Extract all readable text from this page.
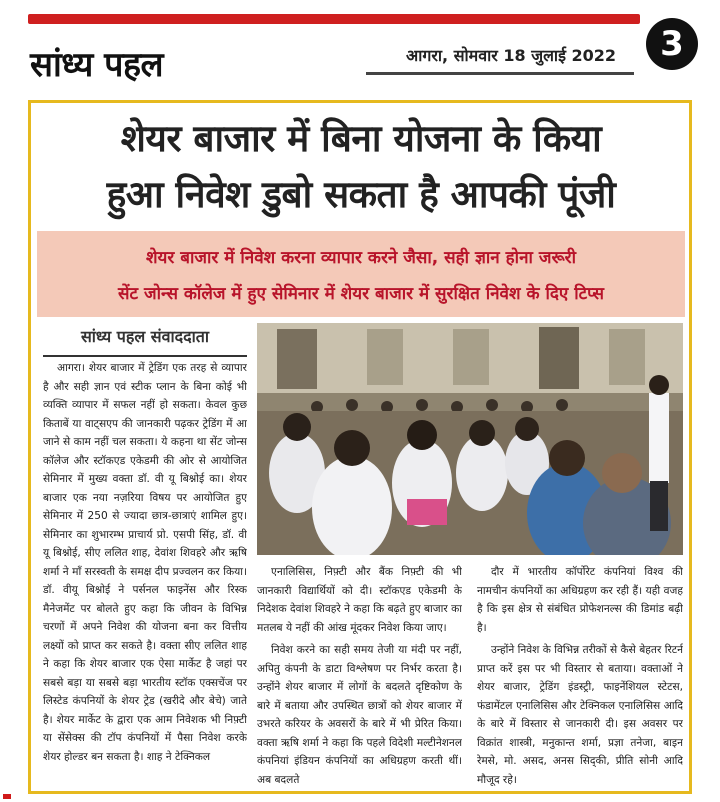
सांध्य पहल	आगरा, सोमवार 18 जुलाई 2022	3
शेयर बाजार में बिना योजना के किया
हुआ निवेश डुबो सकता है आपकी पूंजी
शेयर बाजार में निवेश करना व्यापार करने जैसा, सही ज्ञान होना जरूरी
सेंट जोन्स कॉलेज में हुए सेमिनार में शेयर बाजार में सुरक्षित निवेश के दिए टिप्स
सांध्य पहल संवाददाता

आगरा। शेयर बाजार में ट्रेडिंग एक तरह से व्यापार है और सही ज्ञान एवं स्टीक प्लान के बिना कोई भी व्यक्ति व्यापार में सफल नहीं हो सकता। केवल कुछ किताबें या वाट्सएप की जानकारी पढ़कर ट्रेडिंग में आ जाने से काम नहीं चल सकता। ये कहना था सेंट जोन्स कॉलेज और स्टॉकएड एकेडमी की ओर से आयोजित सेमिनार में मुख्य वक्ता डॉ. वी यू बिश्नोई का। शेयर बाजार एक नया नज़रिया विषय पर आयोजित हुए सेमिनार में 250 से ज्यादा छात्र-छात्राएं शामिल हुए। सेमिनार का शुभारम्भ प्राचार्य प्रो. एसपी सिंह, डॉ. वी यू बिश्नोई, सीए ललित शाह, देवांश शिवहरे और ऋषि शर्मा ने माँ सरस्वती के समक्ष दीप प्रज्वलन कर किया। डॉ. वीयू बिश्नोई ने पर्सनल फाइनेंस और रिस्क मैनेजमेंट पर बोलते हुए कहा कि जीवन के विभिन्न चरणों में अपने निवेश की योजना बना कर वित्तीय लक्ष्यों को प्राप्त कर सकते है। वक्ता सीए ललित शाह ने कहा कि शेयर बाजार एक ऐसा मार्केट है जहां पर सबसे बड़ा या सबसे बड़ा भारतीय स्टॉक एक्सचेंज पर लिस्टेड कंपनियों के शेयर ट्रेड (खरीदे और बेचे) जाते है। शेयर मार्केट के द्वारा एक आम निवेशक भी निफ़्टी या सेंसेक्स की टॉप कंपनियों में पैसा निवेश करके शेयर होल्डर बन सकता है। शाह ने टेक्निकल

एनालिसिस, निफ़्टी और बैंक निफ़्टी की भी जानकारी विद्यार्थियों को दी। स्टॉकएड एकेडमी के निदेशक देवांश शिवहरे ने कहा कि बढ़ते हुए बाजार का मतलब ये नहीं की आंख मूंदकर निवेश किया जाए।

निवेश करने का सही समय तेजी या मंदी पर नहीं, अपितु कंपनी के डाटा विश्लेषण पर निर्भर करता है। उन्होंने शेयर बाजार में लोगों के बदलते दृष्टिकोण के बारे में बताया और उपस्थित छात्रों को शेयर बाजार में उभरते करियर के अवसरों के बारे में भी प्रेरित किया। वक्ता ऋषि शर्मा ने कहा कि पहले विदेशी मल्टीनेशनल कंपनियां इंडियन कंपनियों का अधिग्रहण करती थीं। अब बदलते

दौर में भारतीय कॉर्पोरेट कंपनियां विश्व की नामचीन कंपनियों का अधिग्रहण कर रही हैं। यही वजह है कि इस क्षेत्र से संबंधित प्रोफेशनल्स की डिमांड बढ़ी है।

उन्होंने निवेश के विभिन्न तरीकों से कैसे बेहतर रिटर्न प्राप्त करें इस पर भी विस्तार से बताया। वक्ताओं ने शेयर बाजार, ट्रेडिंग इंडस्ट्री, फाइनेंशियल स्टेटस, फंडामेंटल एनालिसिस और टेक्निकल एनालिसिस आदि के बारे में विस्तार से जानकारी दी। इस अवसर पर विक्रांत शास्त्री, मनुकान्त शर्मा, प्रज्ञा तनेजा, बाइन रेमसे, मो. असद, अनस सिद्की, प्रीति सोनी आदि मौजूद रहे।
